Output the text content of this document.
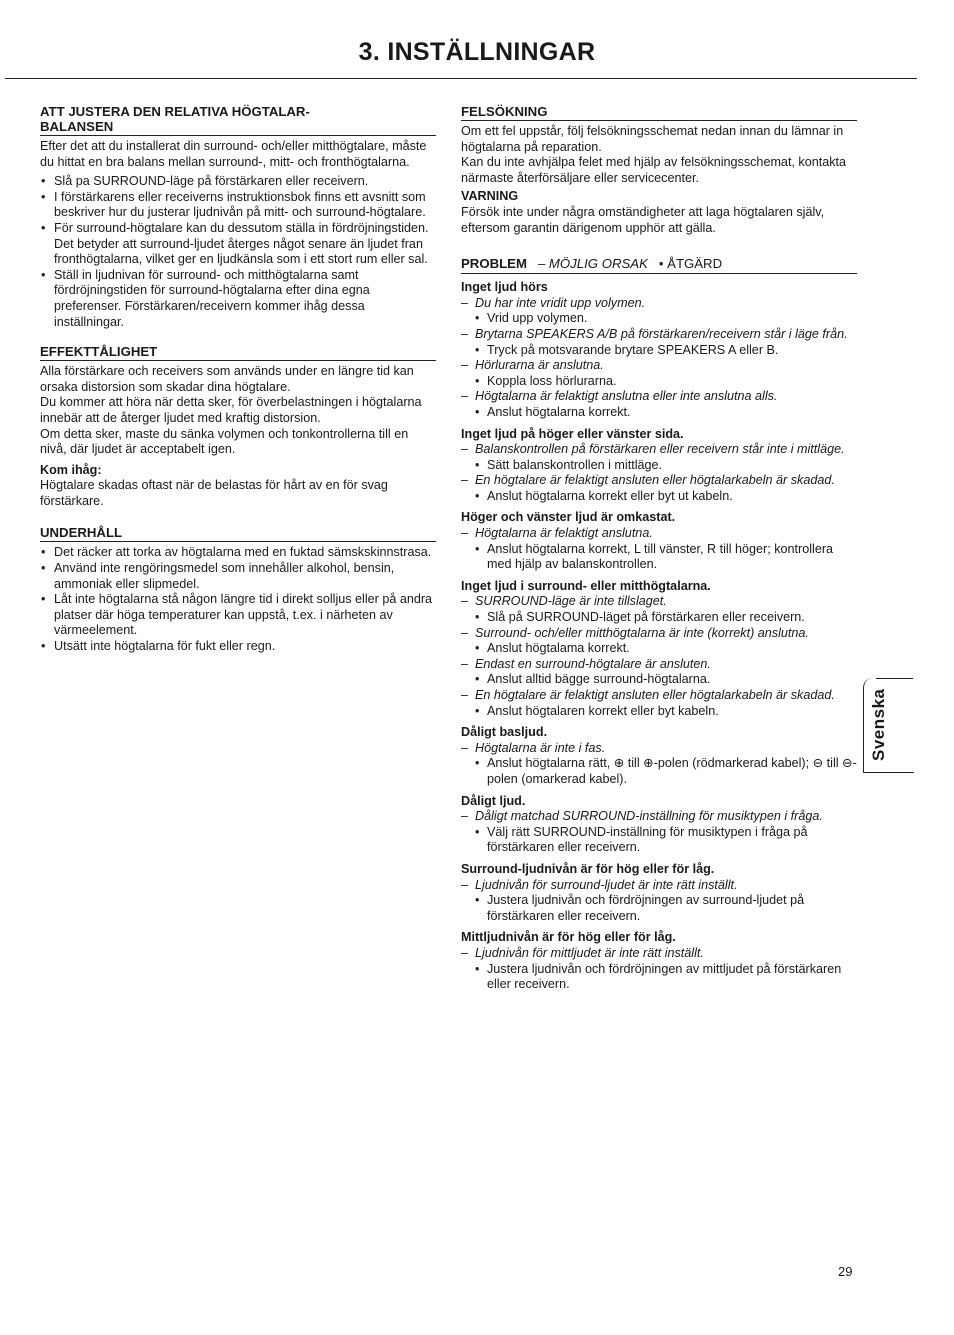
3. INSTÄLLNINGAR
ATT JUSTERA DEN RELATIVA HÖGTALAR-
BALANSEN

Efter det att du installerat din surround- och/eller mitthögtalare, måste du hittat en bra balans mellan surround-, mitt- och fronthögtalarna.

• Slå pa SURROUND-läge på förstärkaren eller receivern.
• I förstärkarens eller receiverns instruktionsbok finns ett avsnitt som beskriver hur du justerar ljudnivån på mitt- och surround-högtalare.
• För surround-högtalare kan du dessutom ställa in fördröjningstiden. Det betyder att surround-ljudet återges något senare än ljudet fran fronthögtalarna, vilket ger en ljudkänsla som i ett stort rum eller sal.
• Ställ in ljudnivan för surround- och mitthögtalarna samt fördröjningstiden för surround-högtalarna efter dina egna preferenser. Förstärkaren/receivern kommer ihåg dessa inställningar.
EFFEKTTÅLIGHET

Alla förstärkare och receivers som används under en längre tid kan orsaka distorsion som skadar dina högtalare.

Du kommer att höra när detta sker, för överbelastningen i högtalarna innebär att de återger ljudet med kraftig distorsion.

Om detta sker, maste du sänka volymen och tonkontrollerna till en nivå, där ljudet är acceptabelt igen.

Kom ihåg:

Högtalare skadas oftast när de belastas för hårt av en för svag förstärkare.

UNDERHÅLL
• Det räcker att torka av högtalarna med en fuktad sämskskinnstrasa.
• Använd inte rengöringsmedel som innehåller alkohol, bensin, ammoniak eller slipmedel.
• Låt inte högtalarna stå någon längre tid i direkt solljus eller på andra platser där höga temperaturer kan uppstå, t.ex. i närheten av värmeelement.
• Utsätt inte högtalarna för fukt eller regn.
FELSÖKNING

Om ett fel uppstår, följ felsökningsschemat nedan innan du lämnar in högtalarna på reparation.

Kan du inte avhjälpa felet med hjälp av felsökningsschemat, kontakta närmaste återförsäljare eller servicecenter.

VARNING

Försök inte under några omständigheter att laga högtalaren själv, eftersom garantin därigenom upphör att gälla.

PROBLEM – MÖJLIG ORSAK • ÅTGÄRD
Inget ljud hörs
– Du har inte vridit upp volymen.
• Vrid upp volymen.
– Brytarna SPEAKERS A/B på förstärkaren/receivern står i läge från.
• Tryck på motsvarande brytare SPEAKERS A eller B.
– Hörlurarna är anslutna.
• Koppla loss hörlurarna.
– Högtalarna är felaktigt anslutna eller inte anslutna alls.
• Anslut högtalarna korrekt.
Inget ljud på höger eller vänster sida.
– Balanskontrollen på förstärkaren eller receivern står inte i mittläge.
• Sätt balanskontrollen i mittläge.
– En högtalare är felaktigt ansluten eller högtalarkabeln är skadad.
• Anslut högtalarna korrekt eller byt ut kabeln.
Höger och vänster ljud är omkastat.
– Högtalarna är felaktigt anslutna.
• Anslut högtalarna korrekt, L till vänster, R till höger; kontrollera med hjälp av balanskontrollen.
Inget ljud i surround- eller mitthögtalarna.
– SURROUND-läge är inte tillslaget.
• Slå på SURROUND-läget på förstärkaren eller receivern.
– Surround- och/eller mitthögtalarna är inte (korrekt) anslutna.
• Anslut högtalama korrekt.
– Endast en surround-högtalare är ansluten.
• Anslut alltid bägge surround-högtalarna.
– En högtalare är felaktigt ansluten eller högtalarkabeln är skadad.
• Anslut högtalaren korrekt eller byt kabeln.
Dåligt basljud.
– Högtalarna är inte i fas.
• Anslut högtalarna rätt, ⊕ till ⊕-polen (rödmarkerad kabel); ⊖ till ⊖-polen (omarkerad kabel).
Dåligt ljud.
– Dåligt matchad SURROUND-inställning för musiktypen i fråga.
• Välj rätt SURROUND-inställning för musiktypen i fråga på förstärkaren eller receivern.
Surround-ljudnivån är för hög eller för låg.
– Ljudnivån för surround-ljudet är inte rätt inställt.
• Justera ljudnivån och fördröjningen av surround-ljudet på förstärkaren eller receivern.
Mittljudnivån är för hög eller för låg.
– Ljudnivån för mittljudet är inte rätt inställt.
• Justera ljudnivån och fördröjningen av mittljudet på förstärkaren eller receivern.
Svenska
29
